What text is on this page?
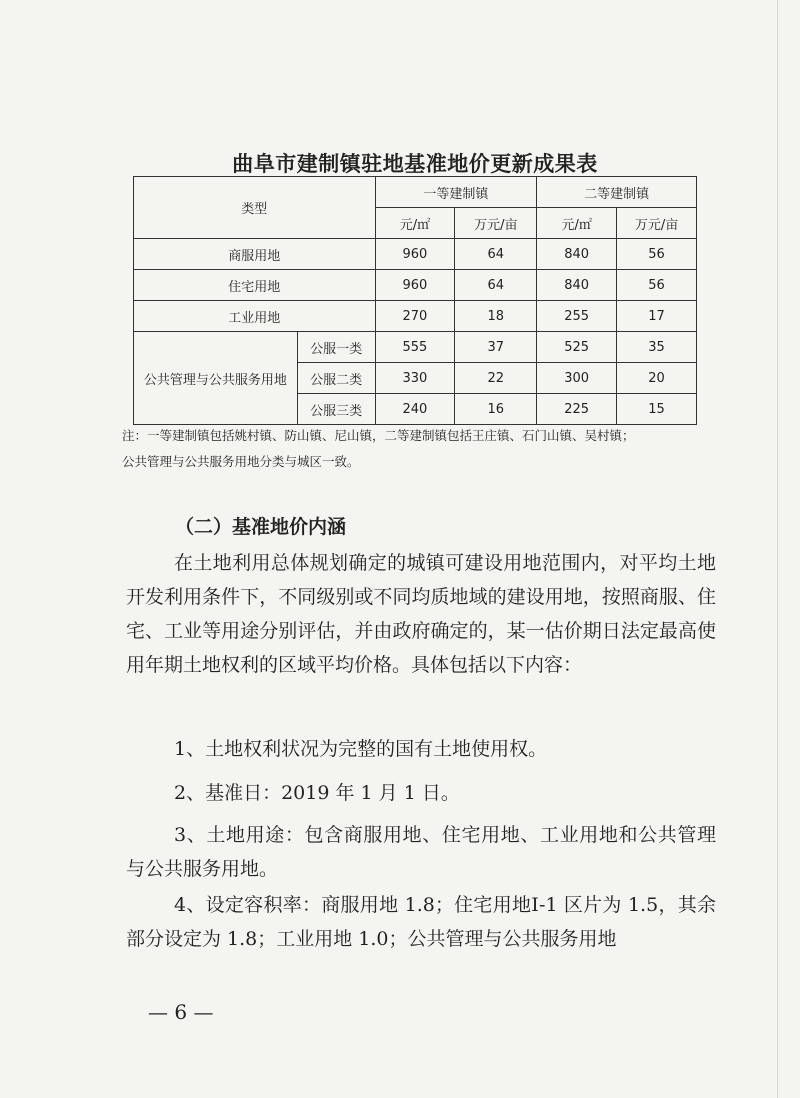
曲阜市建制镇驻地基准地价更新成果表
类型		一等建制镇		二等建制镇	
		元/㎡	万元/亩	元/㎡	万元/亩
商服用地		960	64	840	56
住宅用地		960	64	840	56
工业用地		270	18	255	17
公共管理与公共服务用地	公服一类	555	37	525	35
	公服二类	330	22	300	20
	公服三类	240	16	225	15
注：一等建制镇包括姚村镇、防山镇、尼山镇，二等建制镇包括王庄镇、石门山镇、吴村镇；
公共管理与公共服务用地分类与城区一致。
（二）基准地价内涵
在土地利用总体规划确定的城镇可建设用地范围内，对平均土地开发利用条件下，不同级别或不同均质地域的建设用地，按照商服、住宅、工业等用途分别评估，并由政府确定的，某一估价期日法定最高使用年期土地权利的区域平均价格。具体包括以下内容：
1、土地权利状况为完整的国有土地使用权。
2、基准日：2019 年 1 月 1 日。
3、土地用途：包含商服用地、住宅用地、工业用地和公共管理与公共服务用地。
4、设定容积率：商服用地 1.8；住宅用地Ⅰ-1 区片为 1.5，其余部分设定为 1.8；工业用地 1.0；公共管理与公共服务用地
— 6 —
